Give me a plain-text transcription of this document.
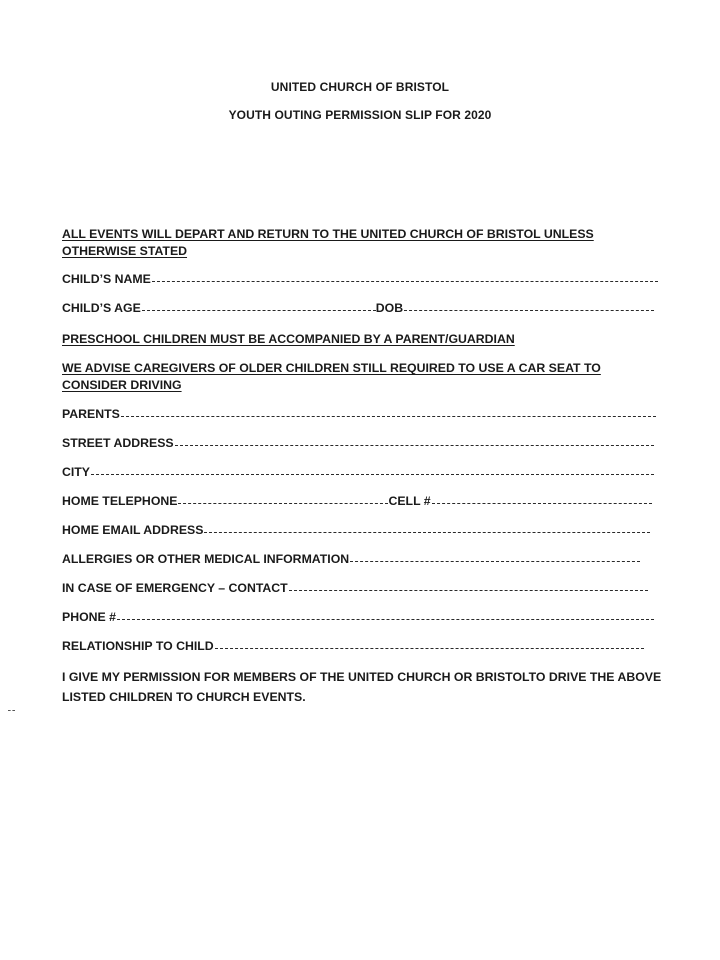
UNITED CHURCH OF BRISTOL
YOUTH OUTING PERMISSION SLIP FOR 2020
ALL EVENTS WILL DEPART AND RETURN TO THE UNITED CHURCH OF BRISTOL UNLESS OTHERWISE STATED
CHILD’S NAME
CHILD’S AGE	DOB
PRESCHOOL CHILDREN MUST BE ACCOMPANIED BY A PARENT/GUARDIAN
WE ADVISE CAREGIVERS OF OLDER CHILDREN STILL REQUIRED TO USE A CAR SEAT TO CONSIDER DRIVING
PARENTS
STREET ADDRESS
CITY
HOME TELEPHONE	CELL #
HOME EMAIL ADDRESS
ALLERGIES OR OTHER MEDICAL INFORMATION
IN CASE OF EMERGENCY – CONTACT
PHONE #
RELATIONSHIP TO CHILD
I GIVE MY PERMISSION FOR MEMBERS OF THE UNITED CHURCH OR BRISTOLTO DRIVE THE ABOVE LISTED CHILDREN TO CHURCH EVENTS.
